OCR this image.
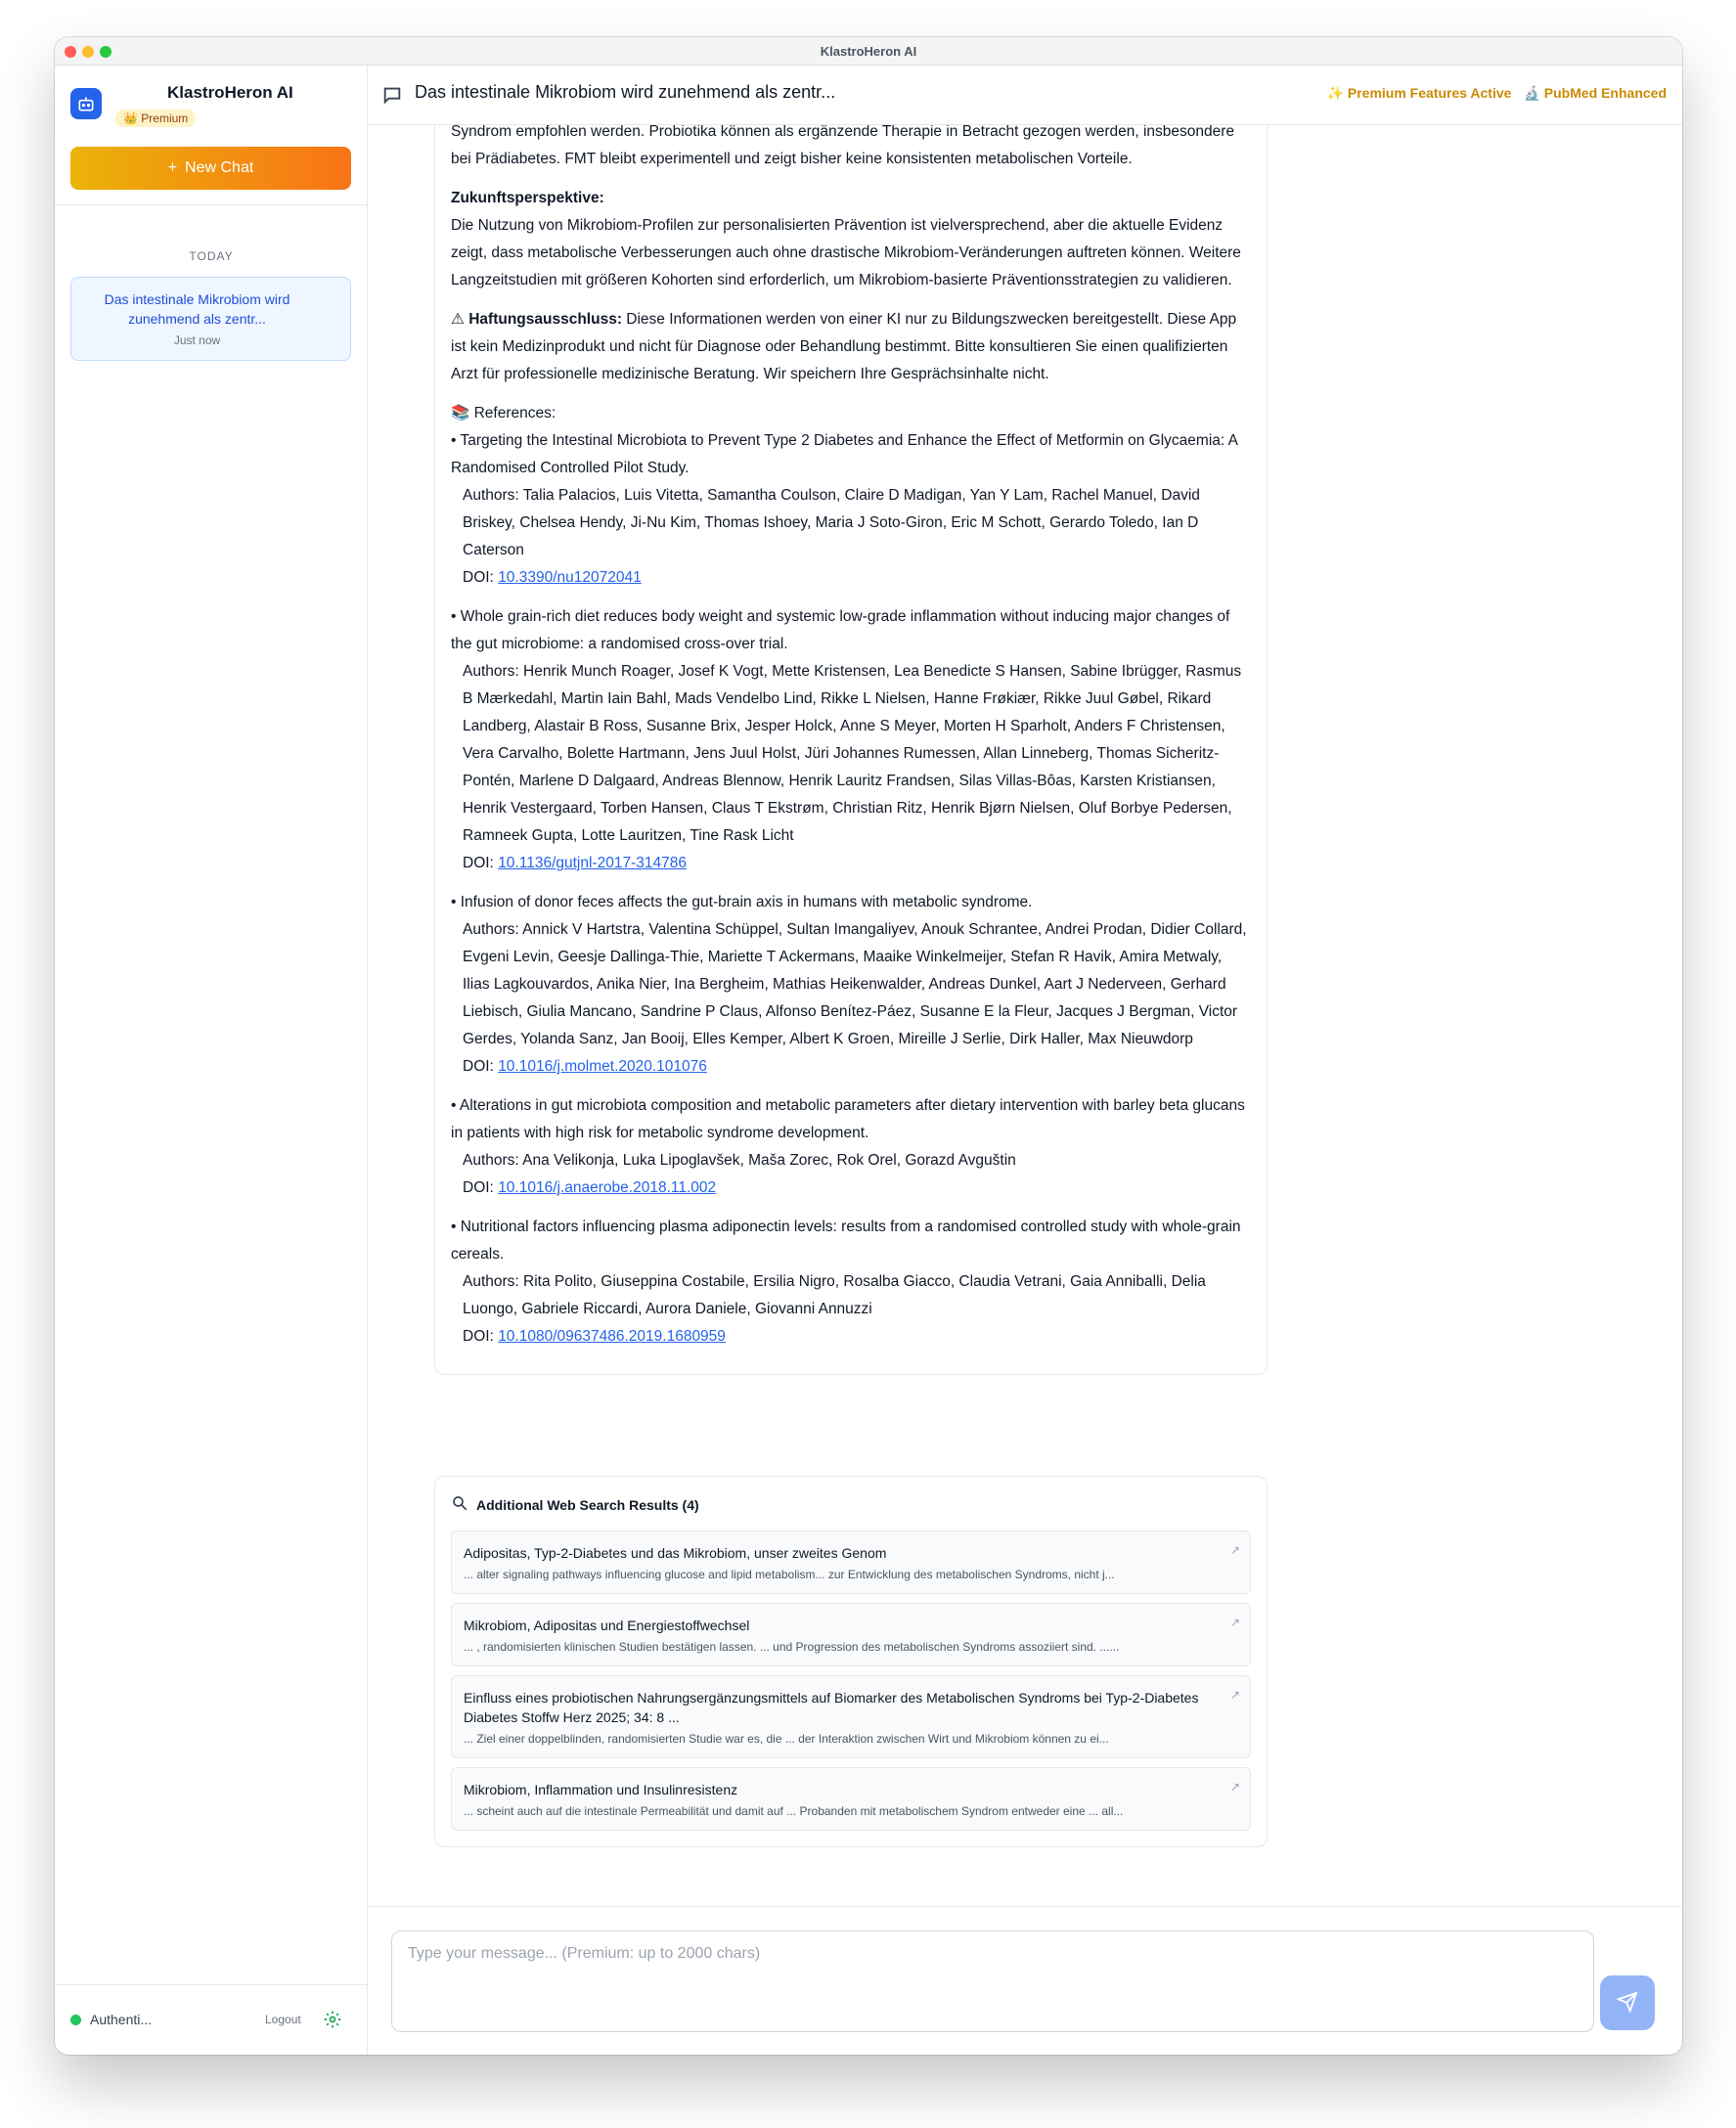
KlastroHeron AI
KlastroHeron AI
👑 Premium
+ New Chat
TODAY
Das intestinale Mikrobiom wird zunehmend als zentr...
Just now
Authenti...	Logout
Das intestinale Mikrobiom wird zunehmend als zentr...	✨ Premium Features Active 🔬 PubMed Enhanced

Syndrom empfohlen werden. Probiotika können als ergänzende Therapie in Betracht gezogen werden, insbesondere bei Prädiabetes. FMT bleibt experimentell und zeigt bisher keine konsistenten metabolischen Vorteile.

Zukunftsperspektive:
Die Nutzung von Mikrobiom-Profilen zur personalisierten Prävention ist vielversprechend, aber die aktuelle Evidenz zeigt, dass metabolische Verbesserungen auch ohne drastische Mikrobiom-Veränderungen auftreten können. Weitere Langzeitstudien mit größeren Kohorten sind erforderlich, um Mikrobiom-basierte Präventionsstrategien zu validieren.

⚠ Haftungsausschluss: Diese Informationen werden von einer KI nur zu Bildungszwecken bereitgestellt. Diese App ist kein Medizinprodukt und nicht für Diagnose oder Behandlung bestimmt. Bitte konsultieren Sie einen qualifizierten Arzt für professionelle medizinische Beratung. Wir speichern Ihre Gesprächsinhalte nicht.

📚 References:
• Targeting the Intestinal Microbiota to Prevent Type 2 Diabetes and Enhance the Effect of Metformin on Glycaemia: A Randomised Controlled Pilot Study.
Authors: Talia Palacios, Luis Vitetta, Samantha Coulson, Claire D Madigan, Yan Y Lam, Rachel Manuel, David Briskey, Chelsea Hendy, Ji-Nu Kim, Thomas Ishoey, Maria J Soto-Giron, Eric M Schott, Gerardo Toledo, Ian D Caterson
DOI: 10.3390/nu12072041
• Whole grain-rich diet reduces body weight and systemic low-grade inflammation without inducing major changes of the gut microbiome: a randomised cross-over trial.
Authors: Henrik Munch Roager, Josef K Vogt, Mette Kristensen, Lea Benedicte S Hansen, Sabine Ibrügger, Rasmus B Mærkedahl, Martin Iain Bahl, Mads Vendelbo Lind, Rikke L Nielsen, Hanne Frøkiær, Rikke Juul Gøbel, Rikard Landberg, Alastair B Ross, Susanne Brix, Jesper Holck, Anne S Meyer, Morten H Sparholt, Anders F Christensen, Vera Carvalho, Bolette Hartmann, Jens Juul Holst, Jüri Johannes Rumessen, Allan Linneberg, Thomas Sicheritz-Pontén, Marlene D Dalgaard, Andreas Blennow, Henrik Lauritz Frandsen, Silas Villas-Bôas, Karsten Kristiansen, Henrik Vestergaard, Torben Hansen, Claus T Ekstrøm, Christian Ritz, Henrik Bjørn Nielsen, Oluf Borbye Pedersen, Ramneek Gupta, Lotte Lauritzen, Tine Rask Licht
DOI: 10.1136/gutjnl-2017-314786
• Infusion of donor feces affects the gut-brain axis in humans with metabolic syndrome.
Authors: Annick V Hartstra, Valentina Schüppel, Sultan Imangaliyev, Anouk Schrantee, Andrei Prodan, Didier Collard, Evgeni Levin, Geesje Dallinga-Thie, Mariette T Ackermans, Maaike Winkelmeijer, Stefan R Havik, Amira Metwaly, Ilias Lagkouvardos, Anika Nier, Ina Bergheim, Mathias Heikenwalder, Andreas Dunkel, Aart J Nederveen, Gerhard Liebisch, Giulia Mancano, Sandrine P Claus, Alfonso Benítez-Páez, Susanne E la Fleur, Jacques J Bergman, Victor Gerdes, Yolanda Sanz, Jan Booij, Elles Kemper, Albert K Groen, Mireille J Serlie, Dirk Haller, Max Nieuwdorp
DOI: 10.1016/j.molmet.2020.101076
• Alterations in gut microbiota composition and metabolic parameters after dietary intervention with barley beta glucans in patients with high risk for metabolic syndrome development.
Authors: Ana Velikonja, Luka Lipoglavšek, Maša Zorec, Rok Orel, Gorazd Avguštin
DOI: 10.1016/j.anaerobe.2018.11.002
• Nutritional factors influencing plasma adiponectin levels: results from a randomised controlled study with whole-grain cereals.
Authors: Rita Polito, Giuseppina Costabile, Ersilia Nigro, Rosalba Giacco, Claudia Vetrani, Gaia Anniballi, Delia Luongo, Gabriele Riccardi, Aurora Daniele, Giovanni Annuzzi
DOI: 10.1080/09637486.2019.1680959
Additional Web Search Results (4)
Adipositas, Typ-2-Diabetes und das Mikrobiom, unser zweites Genom
... alter signaling pathways influencing glucose and lipid metabolism... zur Entwicklung des metabolischen Syndroms, nicht j...
↗
Mikrobiom, Adipositas und Energiestoffwechsel
... , randomisierten klinischen Studien bestätigen lassen. ... und Progression des metabolischen Syndroms assoziiert sind. ......
↗
Einfluss eines probiotischen Nahrungsergänzungsmittels auf Biomarker des Metabolischen Syndroms bei Typ-2-Diabetes Diabetes Stoffw Herz 2025; 34: 8 ...
... Ziel einer doppelblinden, randomisierten Studie war es, die ... der Interaktion zwischen Wirt und Mikrobiom können zu ei...
↗
Mikrobiom, Inflammation und Insulinresistenz
... scheint auch auf die intestinale Permeabilität und damit auf ... Probanden mit metabolischem Syndrom entweder eine ... all...
↗
Type your message... (Premium: up to 2000 chars)
